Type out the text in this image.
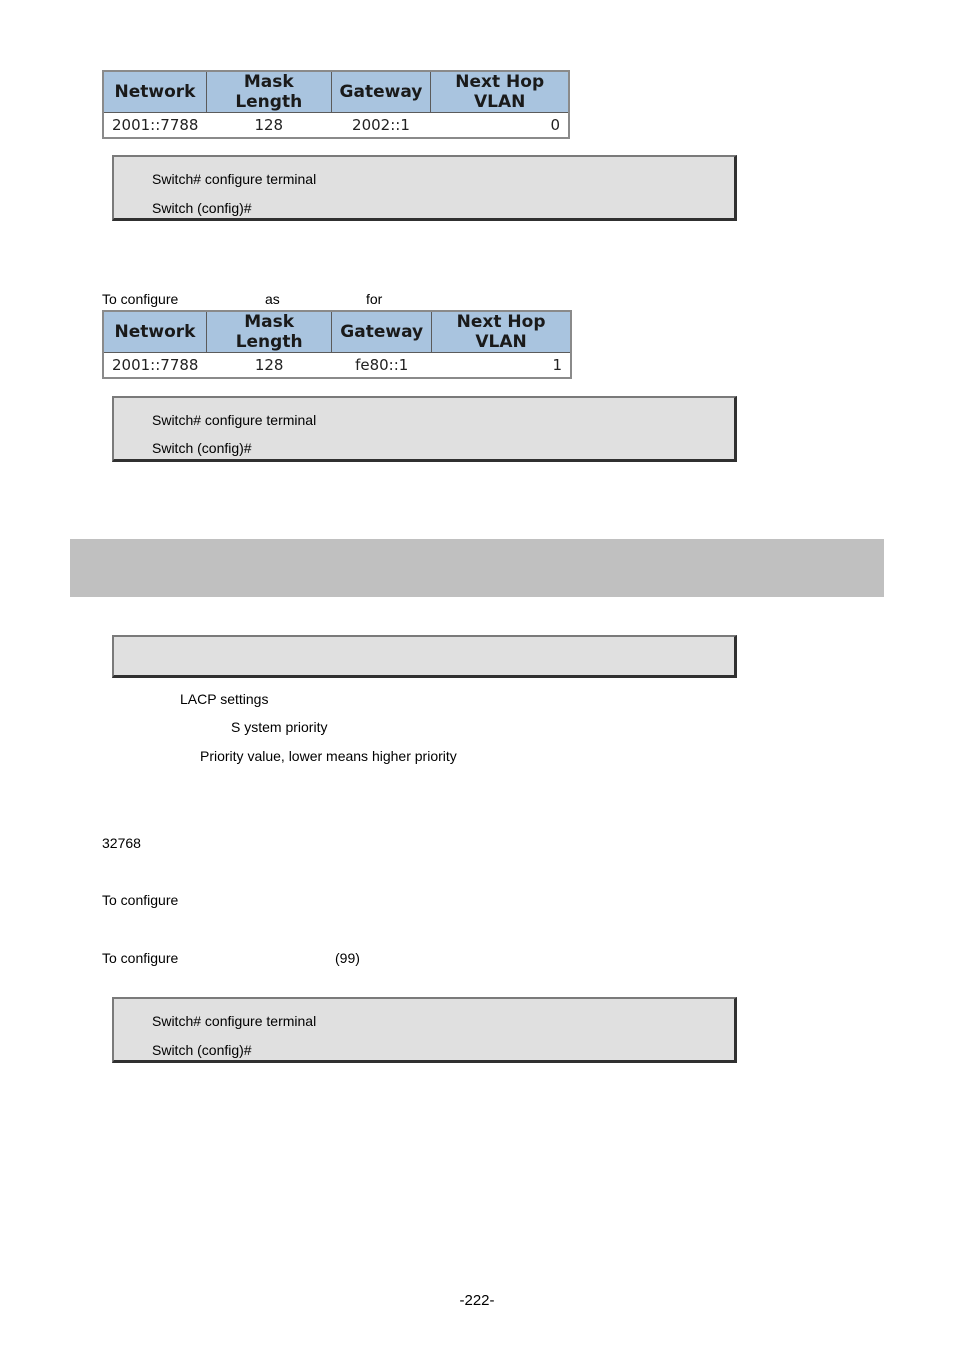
Network	Mask Length	Gateway	Next Hop VLAN
2001::7788	128	2002::1	0
Switch# configure terminal
Switch (config)#
To configure	as	for
Network	Mask Length	Gateway	Next Hop VLAN
2001::7788	128	fe80::1	1
Switch# configure terminal
Switch (config)#
LACP settings
S ystem priority
Priority value, lower means higher priority
32768
To configure
To configure	(99)
Switch# configure terminal
Switch (config)#
-222-
